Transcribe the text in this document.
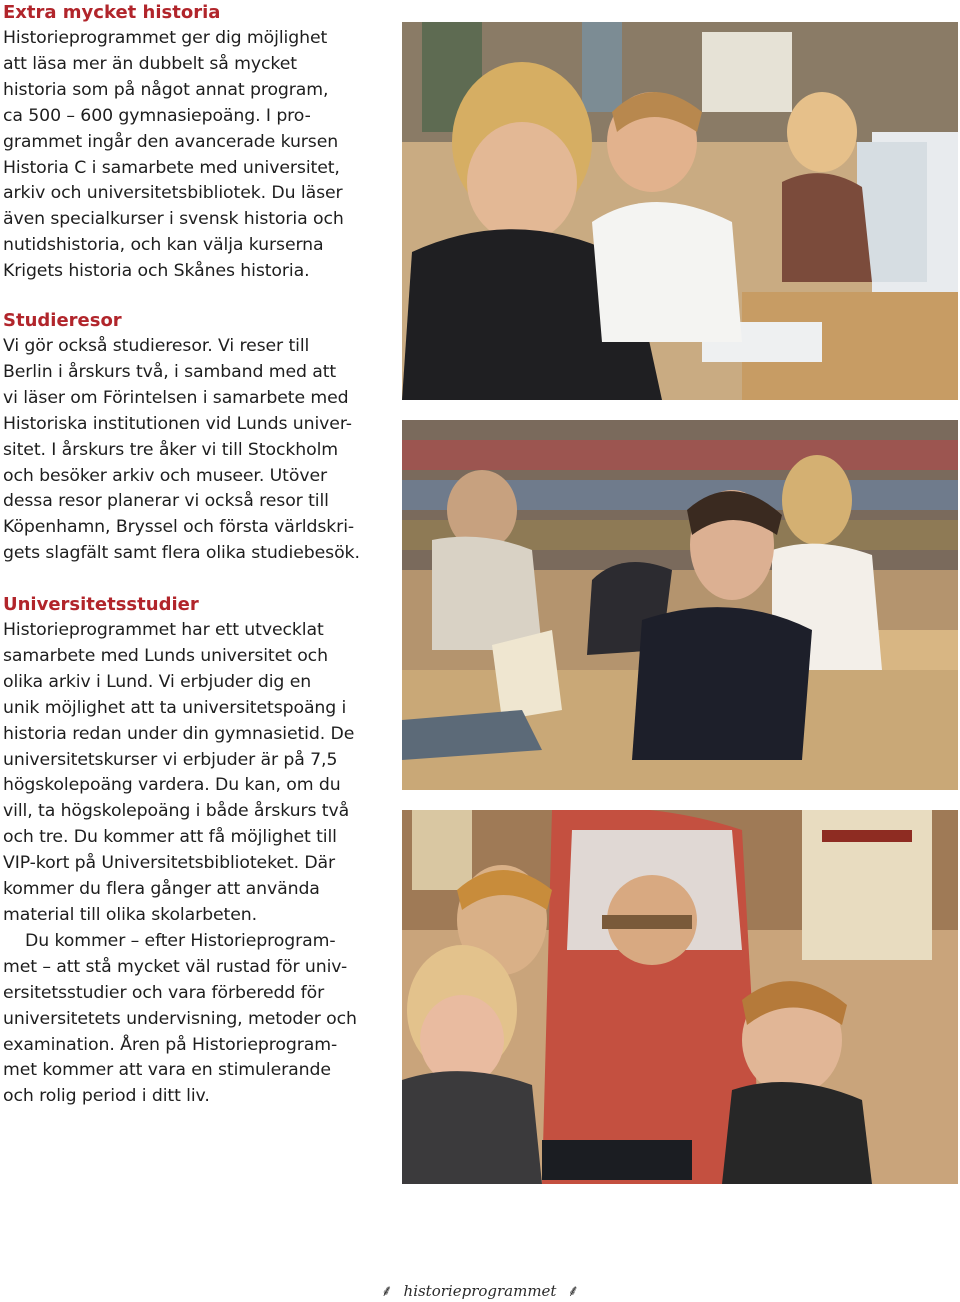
Extra mycket historia

Historieprogrammet ger dig möjlighet
att läsa mer än dubbelt så mycket
historia som på något annat program,
ca 500 – 600 gymnasiepoäng. I pro-
grammet ingår den avancerade kursen
Historia C i samarbete med universitet,
arkiv och universitetsbibliotek. Du läser
även specialkurser i svensk historia och
nutidshistoria, och kan välja kurserna
Krigets historia och Skånes historia.

Studieresor

Vi gör också studieresor. Vi reser till
Berlin i årskurs två, i samband med att
vi läser om Förintelsen i samarbete med
Historiska institutionen vid Lunds univer-
sitet. I årskurs tre åker vi till Stockholm
och besöker arkiv och museer. Utöver
dessa resor planerar vi också resor till
Köpenhamn, Bryssel och första världskri-
gets slagfält samt flera olika studiebesök.

Universitetsstudier

Historieprogrammet har ett utvecklat
samarbete med Lunds universitet och
olika arkiv i Lund. Vi erbjuder dig en
unik möjlighet att ta universitetspoäng i
historia redan under din gymnasietid. De
universitetskurser vi erbjuder är på 7,5
högskolepoäng vardera. Du kan, om du
vill, ta högskolepoäng i både årskurs två
och tre. Du kommer att få möjlighet till
VIP-kort på Universitetsbiblioteket. Där
kommer du flera gånger att använda
material till olika skolarbeten.
Du kommer – efter Historieprogram-
met – att stå mycket väl rustad för univ-
ersitetsstudier och vara förberedd för
universitetets undervisning, metoder och
examination. Åren på Historieprogram-
met kommer att vara en stimulerande
och rolig period i ditt liv.

⸙ historieprogrammet ⸙
